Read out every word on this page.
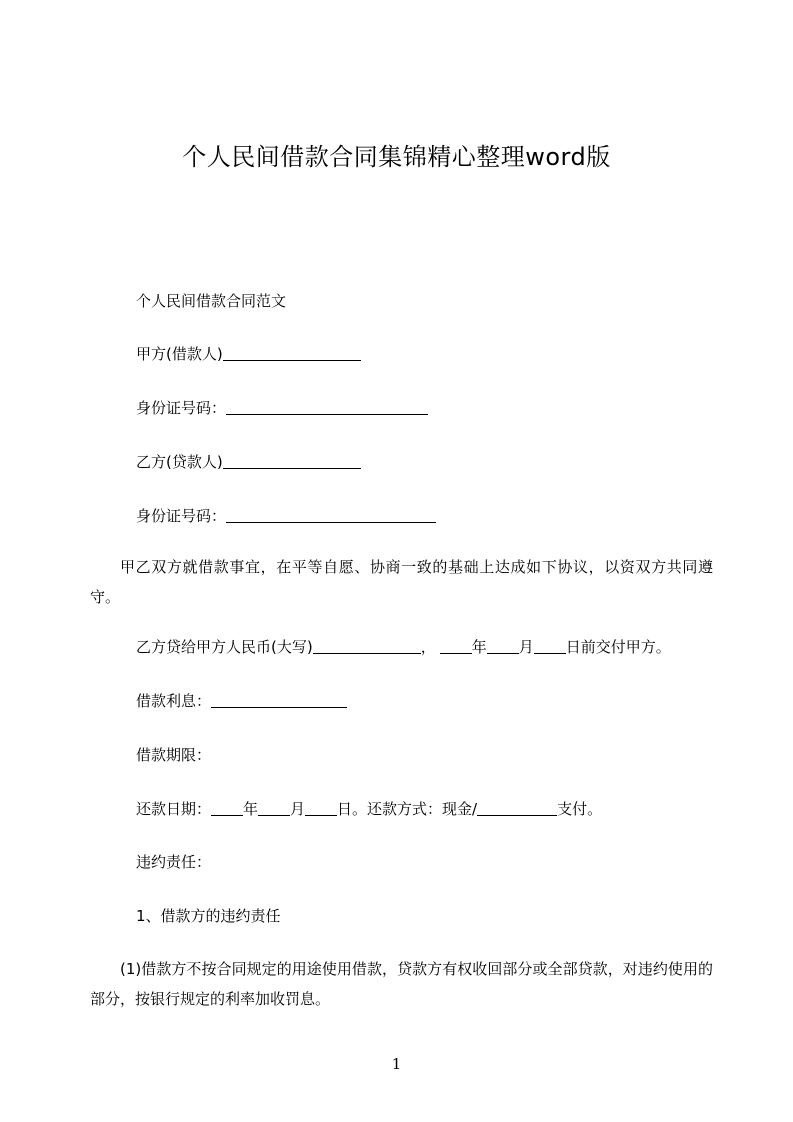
个人民间借款合同集锦精心整理word版
个人民间借款合同范文
甲方(借款人)
身份证号码：
乙方(贷款人)
身份证号码：
甲乙双方就借款事宜，在平等自愿、协商一致的基础上达成如下协议，以资双方共同遵守。
乙方贷给甲方人民币(大写)	， 年 月 日前交付甲方。
借款利息：
借款期限：
还款日期： 年 月 日。还款方式：现金/	支付。
违约责任：
1、借款方的违约责任
(1)借款方不按合同规定的用途使用借款，贷款方有权收回部分或全部贷款，对违约使用的部分，按银行规定的利率加收罚息。
1
